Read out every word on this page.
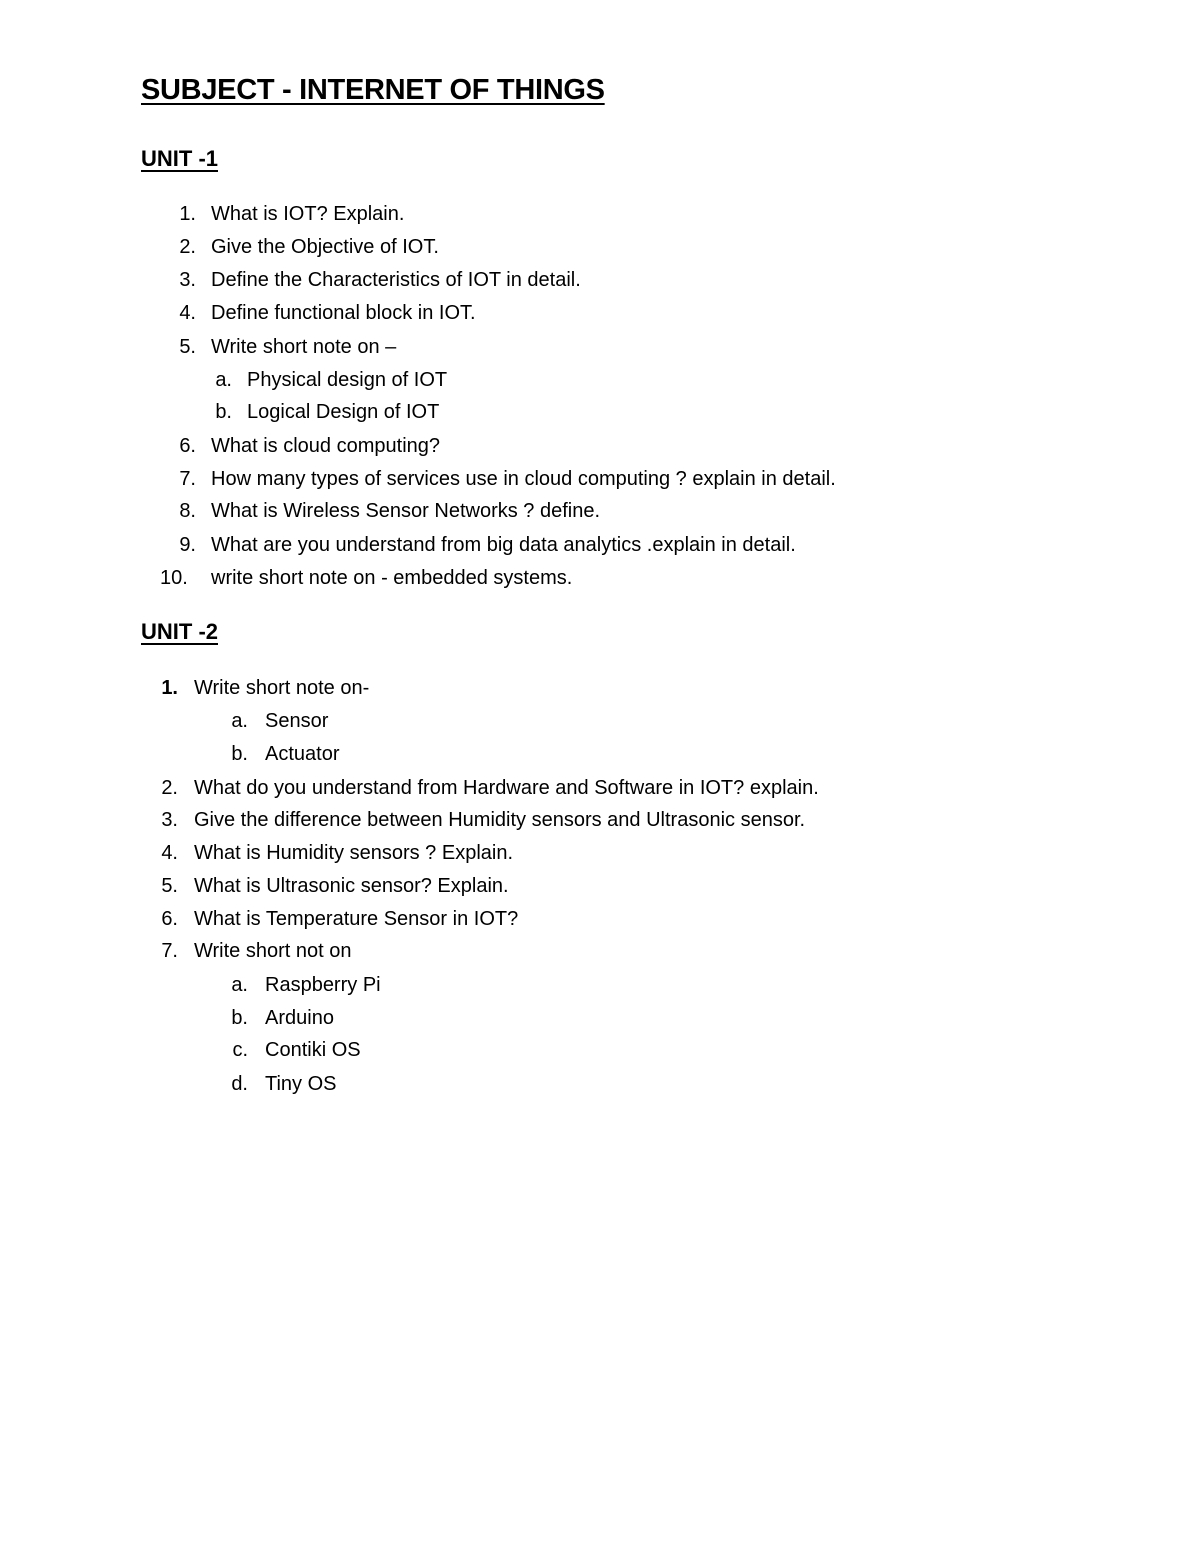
SUBJECT - INTERNET OF THINGS
UNIT -1
1. What is IOT? Explain.
2. Give the Objective of IOT.
3. Define the Characteristics of IOT in detail.
4. Define functional block in IOT.
5. Write short note on –
a. Physical design of IOT
b. Logical Design of IOT
6. What is cloud computing?
7. How many types of services use in cloud computing ? explain in detail.
8. What is Wireless Sensor Networks ? define.
9. What are you understand from big data analytics .explain in detail.
10.	write short note on - embedded systems.
UNIT -2
1. Write short note on-
a. Sensor
b. Actuator
2. What do you understand from Hardware and Software in IOT? explain.
3. Give the difference between Humidity sensors and Ultrasonic sensor.
4. What is Humidity sensors ? Explain.
5. What is Ultrasonic sensor? Explain.
6. What is Temperature Sensor in IOT?
7. Write short not on
a. Raspberry Pi
b. Arduino
c. Contiki OS
d. Tiny OS
